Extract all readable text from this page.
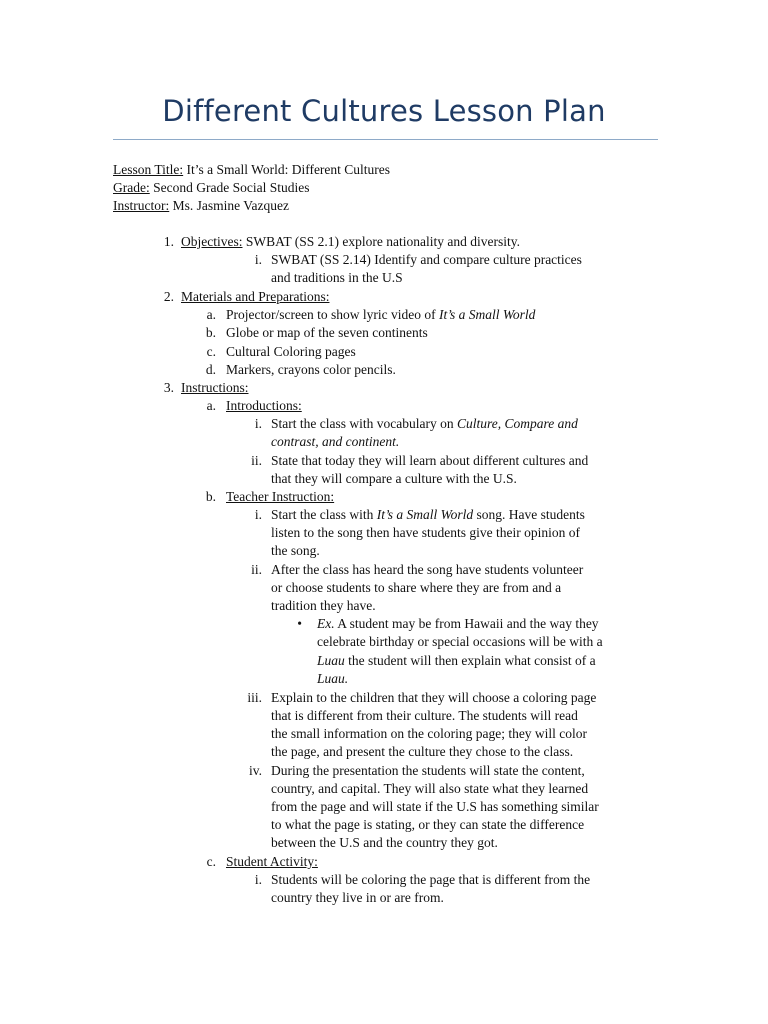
Different Cultures Lesson Plan
Lesson Title: It’s a Small World: Different Cultures
Grade: Second Grade Social Studies
Instructor: Ms. Jasmine Vazquez
1. Objectives: SWBAT (SS 2.1) explore nationality and diversity.
i. SWBAT (SS 2.14) Identify and compare culture practices
and traditions in the U.S
2. Materials and Preparations:
a. Projector/screen to show lyric video of It’s a Small World
b. Globe or map of the seven continents
c. Cultural Coloring pages
d. Markers, crayons color pencils.
3. Instructions:
a. Introductions:
i. Start the class with vocabulary on Culture, Compare and
contrast, and continent.
ii. State that today they will learn about different cultures and
that they will compare a culture with the U.S.
b. Teacher Instruction:
i. Start the class with It’s a Small World song. Have students
listen to the song then have students give their opinion of
the song.
ii. After the class has heard the song have students volunteer
or choose students to share where they are from and a
tradition they have.
• Ex. A student may be from Hawaii and the way they
celebrate birthday or special occasions will be with a
Luau the student will then explain what consist of a
Luau.
iii. Explain to the children that they will choose a coloring page
that is different from their culture. The students will read
the small information on the coloring page; they will color
the page, and present the culture they chose to the class.
iv. During the presentation the students will state the content,
country, and capital. They will also state what they learned
from the page and will state if the U.S has something similar
to what the page is stating, or they can state the difference
between the U.S and the country they got.
c. Student Activity:
i. Students will be coloring the page that is different from the
country they live in or are from.
